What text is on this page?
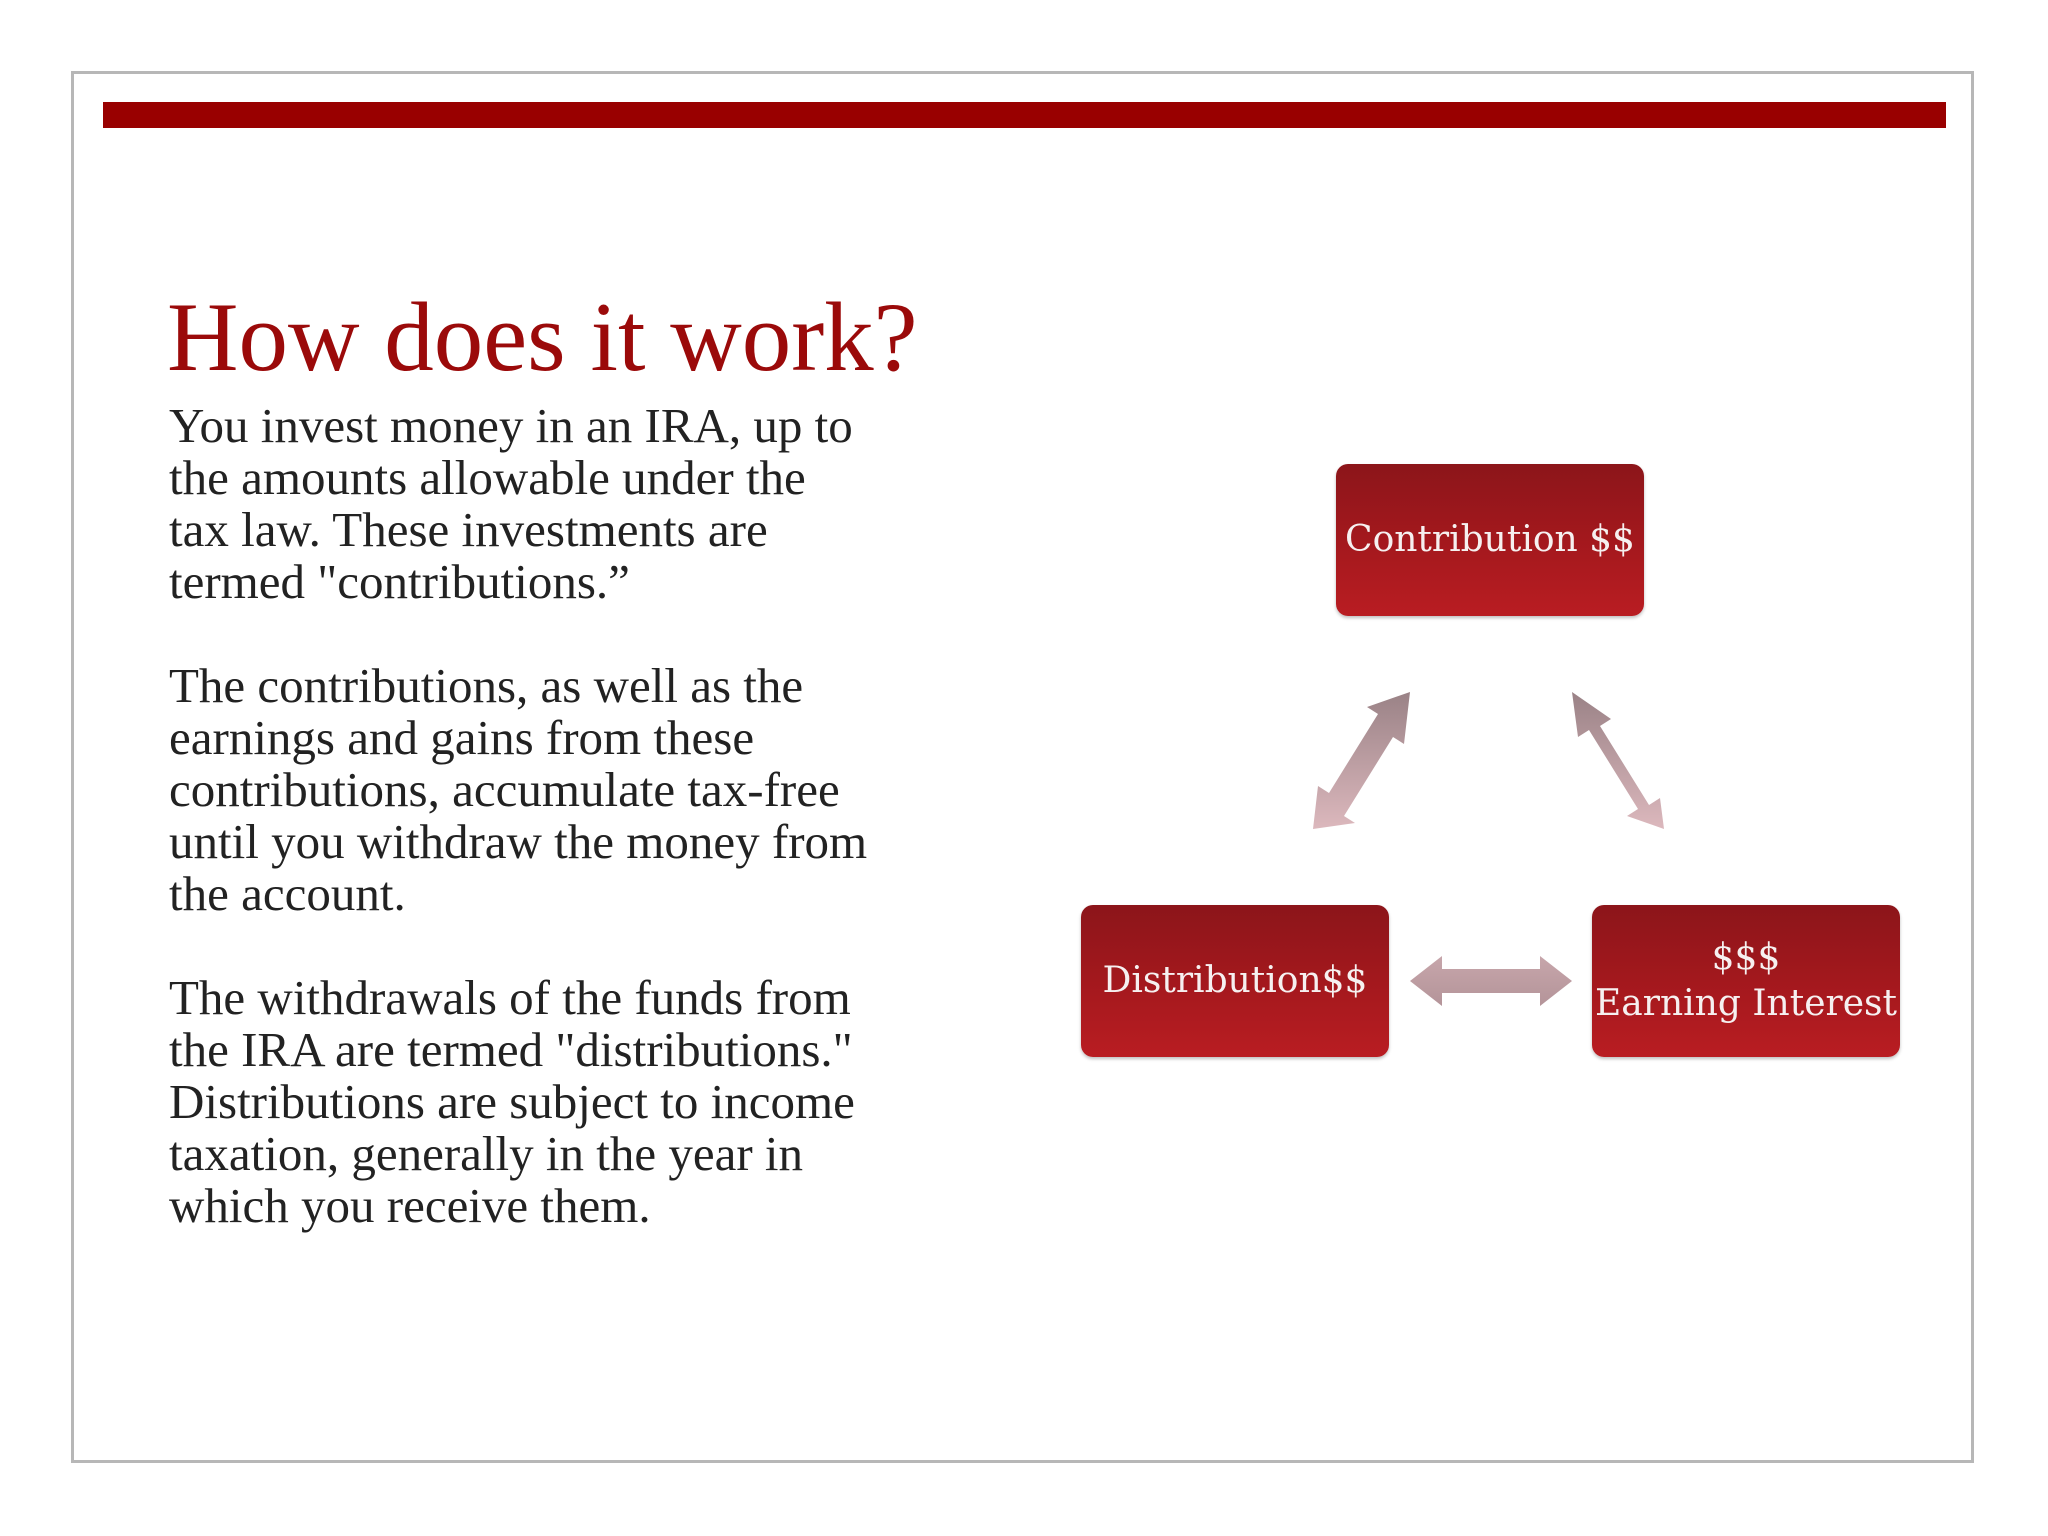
How does it work?

You invest money in an IRA, up to
the amounts allowable under the
tax law. These investments are
termed "contributions.”

The contributions, as well as the
earnings and gains from these
contributions, accumulate tax-free
until you withdraw the money from
the account.

The withdrawals of the funds from
the IRA are termed "distributions."
Distributions are subject to income
taxation, generally in the year in
which you receive them.

Contribution $$
Distribution$$
$$$
Earning Interest
